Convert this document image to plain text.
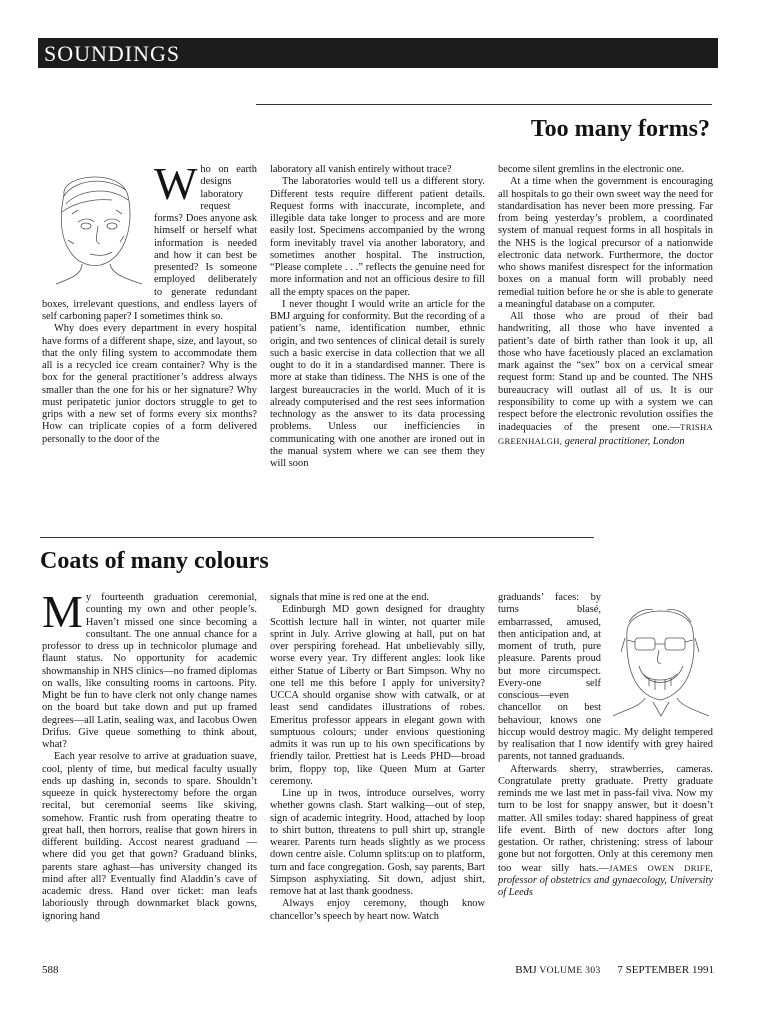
SOUNDINGS
Too many forms?

Who on earth designs laboratory request forms? Does anyone ask himself or herself what information is needed and how it can best be presented? Is someone employed deliberately to generate redundant boxes, irrelevant questions, and endless layers of self carboning paper? I sometimes think so.

Why does every department in every hospital have forms of a different shape, size, and layout, so that the only filing system to accommodate them all is a recycled ice cream container? Why is the box for the general practitioner’s address always smaller than the one for his or her signature? Why must peripatetic junior doctors struggle to get to grips with a new set of forms every six months? How can triplicate copies of a form delivered personally to the door of the

laboratory all vanish entirely without trace?

The laboratories would tell us a different story. Different tests require different patient details. Request forms with inaccurate, incomplete, and illegible data take longer to process and are more easily lost. Specimens accompanied by the wrong form inevitably travel via another laboratory, and sometimes another hospital. The instruction, “Please complete . . .” reflects the genuine need for more information and not an officious desire to fill all the empty spaces on the paper.

I never thought I would write an article for the BMJ arguing for conformity. But the recording of a patient’s name, identification number, ethnic origin, and two sentences of clinical detail is surely such a basic exercise in data collection that we all ought to do it in a standardised manner. There is more at stake than tidiness. The NHS is one of the largest bureaucracies in the world. Much of it is already computerised and the rest sees information technology as the answer to its data processing problems. Unless our inefficiencies in communicating with one another are ironed out in the manual system where we can see them they will soon

become silent gremlins in the electronic one.

At a time when the government is encouraging all hospitals to go their own sweet way the need for standardisation has never been more pressing. Far from being yesterday’s problem, a coordinated system of manual request forms in all hospitals in the NHS is the logical precursor of a nationwide electronic data network. Furthermore, the doctor who shows manifest disrespect for the information boxes on a manual form will probably need remedial tuition before he or she is able to generate a meaningful database on a computer.

All those who are proud of their bad handwriting, all those who have invented a patient’s date of birth rather than look it up, all those who have facetiously placed an exclamation mark against the “sex” box on a cervical smear request form: Stand up and be counted. The NHS bureaucracy will outlast all of us. It is our responsibility to come up with a system we can respect before the electronic revolution ossifies the inadequacies of the present one.—TRISHA GREENHALGH, general practitioner, London

Coats of many colours

My fourteenth graduation ceremonial, counting my own and other people’s. Haven’t missed one since becoming a consultant. The one annual chance for a professor to dress up in technicolor plumage and flaunt status. No opportunity for academic showmanship in NHS clinics—no framed diplomas on walls, like consulting rooms in cartoons. Pity. Might be fun to have clerk not only change names on the board but take down and put up framed degrees—all Latin, sealing wax, and Iacobus Owen Drifus. Give queue something to think about, what?

Each year resolve to arrive at graduation suave, cool, plenty of time, but medical faculty usually ends up dashing in, seconds to spare. Shouldn’t squeeze in quick hysterectomy before the organ recital, but ceremonial seems like skiving, somehow. Frantic rush from operating theatre to great hall, then horrors, realise that gown hirers in different building. Accost nearest graduand —where did you get that gown? Graduand blinks, parents stare aghast—has university changed its mind after all? Eventually find Aladdin’s cave of academic dress. Hand over ticket: man leafs laboriously through downmarket black gowns, ignoring hand

signals that mine is red one at the end.

Edinburgh MD gown designed for draughty Scottish lecture hall in winter, not quarter mile sprint in July. Arrive glowing at hall, put on hat over perspiring forehead. Hat unbelievably silly, worse every year. Try different angles: look like either Statue of Liberty or Bart Simpson. Why no one tell me this before I apply for university? UCCA should organise show with catwalk, or at least send candidates illustrations of robes. Emeritus professor appears in elegant gown with sumptuous colours; under envious questioning admits it was run up to his own specifications by friendly tailor. Prettiest hat is Leeds PHD—broad brim, floppy top, like Queen Mum at Garter ceremony.

Line up in twos, introduce ourselves, worry whether gowns clash. Start walking—out of step, sign of academic integrity. Hood, attached by loop to shirt button, threatens to pull shirt up, strangle wearer. Parents turn heads slightly as we process down centre aisle. Column splits:up on to platform, turn and face congregation. Gosh, say parents, Bart Simpson asphyxiating. Sit down, adjust shirt, remove hat at last thank goodness.

Always enjoy ceremony, though know chancellor’s speech by heart now. Watch

graduands’ faces: by turns blasé, embarrassed, amused, then anticipation and, at moment of truth, pure pleasure. Parents proud but more circumspect. Every-one self conscious—even chancellor on best behaviour, knows one hiccup would destroy magic. My delight tempered by realisation that I now identify with grey haired parents, not tanned graduands.

Afterwards sherry, strawberries, cameras. Congratulate pretty graduate. Pretty graduate reminds me we last met in pass-fail viva. Now my turn to be lost for snappy answer, but it doesn’t matter. All smiles today: shared happiness of great life event. Birth of new doctors after long gestation. Or rather, christening: stress of labour gone but not forgotten. Only at this ceremony men too wear silly hats.—JAMES OWEN DRIFE, professor of obstetrics and gynaecology, University of Leeds

588	BMJ VOLUME 303 7 SEPTEMBER 1991
